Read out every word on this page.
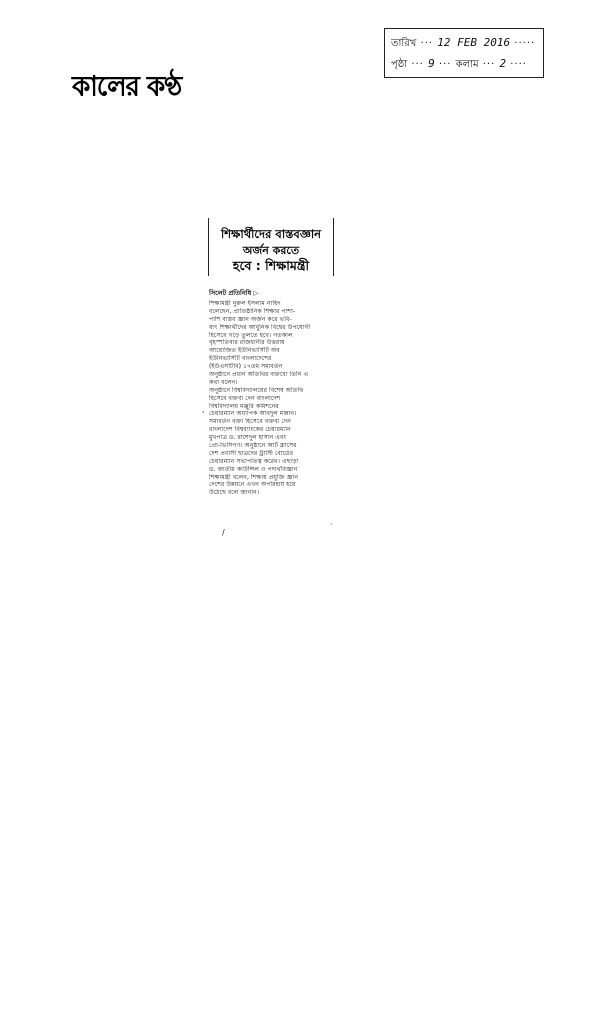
কালের কণ্ঠ
তারিখ ··· 12 FEB 2016 ·····
পৃষ্ঠা ··· 9 ··· কলাম ··· 2 ····
শিক্ষার্থীদের বাস্তবজ্ঞান
অর্জন করতে
হবে : শিক্ষামন্ত্রী
সিলেট প্রতিনিধি ▷
শিক্ষামন্ত্রী নুরুল ইসলাম নাহিদ
বলেছেন, প্রাতিষ্ঠানিক শিক্ষার পাশা-
পাশি বাস্তব জ্ঞান অর্জন করে ভবি-
ষ্যৎ শিক্ষার্থীদের আধুনিক বিশ্বের উপযোগী
হিসেবে গড়ে তুলতে হবে। গতকাল
বৃহস্পতিবার রাজধানীর উত্তরায়
আয়োজিত ইউনিভার্সিটি অব
ইউনিভার্সিটি বাংলাদেশের
(ইউএসটিবি) ১৭তম সমাবর্তন
অনুষ্ঠানে প্রধান অতিথির বক্তব্যে তিনি এ
কথা বলেন।
অনুষ্ঠানে বিশ্ববিদ্যালয়ের বিশেষ অতিথি
হিসেবে বক্তব্য দেন বাংলাদেশ
বিশ্ববিদ্যালয় মঞ্জুরি কমিশনের
চেয়ারম্যান অধ্যাপক আবদুল মান্নান।
সমাবর্তন বক্তা হিসেবে বক্তব্য দেন
বাংলাদেশ বিশ্বব্যাংকের চেয়ারম্যান
মুখপাত্র ড. রাশেদুল হাসান এবং
প্রো-ভিসিগণ। অনুষ্ঠানে আর্ট ক্লাসের
দেশ প্রবাসী ছাত্রদের ট্রাস্টি বোর্ডের
চেয়ারম্যান সভাপতিত্ব করেন। এছাড়া
ড. জাতীয় কাউন্সিল ও পদার্থবিজ্ঞান
শিক্ষামন্ত্রী বলেন, শিক্ষায় প্রযুক্তি জ্ঞান
দেশের উন্নয়নে এখন অপরিহার্য হয়ে
উঠেছে বলে জানান।
'
/
·
